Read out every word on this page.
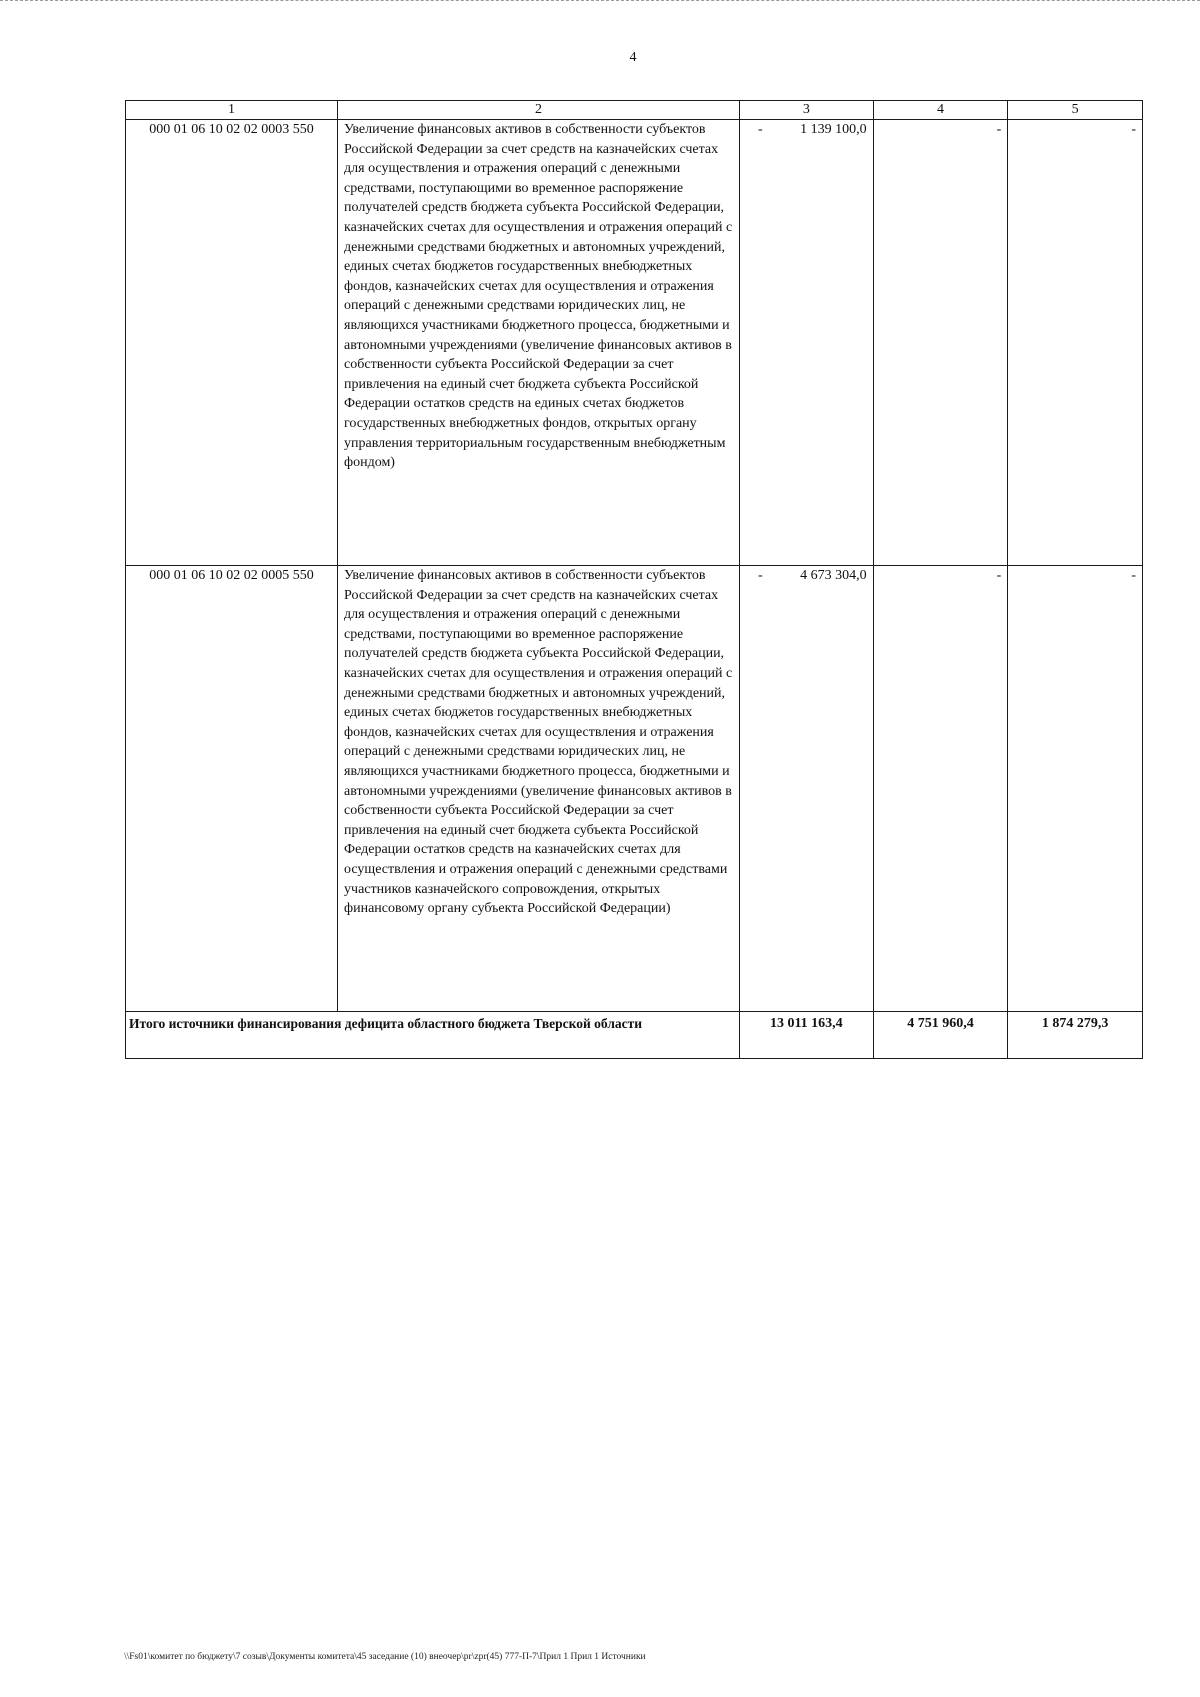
4
1	2	3	4	5
000 01 06 10 02 02 0003 550	Увеличение финансовых активов в собственности субъектов Российской Федерации за счет средств на казначейских счетах для осуществления и отражения операций с денежными средствами, поступающими во временное распоряжение получателей средств бюджета субъекта Российской Федерации, казначейских счетах для осуществления и отражения операций с денежными средствами бюджетных и автономных учреждений, единых счетах бюджетов государственных внебюджетных фондов, казначейских счетах для осуществления и отражения операций с денежными средствами юридических лиц, не являющихся участниками бюджетного процесса, бюджетными и автономными учреждениями (увеличение финансовых активов в собственности субъекта Российской Федерации за счет привлечения на единый счет бюджета субъекта Российской Федерации остатков средств на единых счетах бюджетов государственных внебюджетных фондов, открытых органу управления территориальным государственным внебюджетным фондом)	- 1 139 100,0	-	-
000 01 06 10 02 02 0005 550	Увеличение финансовых активов в собственности субъектов Российской Федерации за счет средств на казначейских счетах для осуществления и отражения операций с денежными средствами, поступающими во временное распоряжение получателей средств бюджета субъекта Российской Федерации, казначейских счетах для осуществления и отражения операций с денежными средствами бюджетных и автономных учреждений, единых счетах бюджетов государственных внебюджетных фондов, казначейских счетах для осуществления и отражения операций с денежными средствами юридических лиц, не являющихся участниками бюджетного процесса, бюджетными и автономными учреждениями (увеличение финансовых активов в собственности субъекта Российской Федерации за счет привлечения на единый счет бюджета субъекта Российской Федерации остатков средств на казначейских счетах для осуществления и отражения операций с денежными средствами участников казначейского сопровождения, открытых финансовому органу субъекта Российской Федерации)	- 4 673 304,0	-	-
Итого источники финансирования дефицита областного бюджета Тверской области		13 011 163,4	4 751 960,4	1 874 279,3
\\Fs01\комитет по бюджету\7 созыв\Документы комитета\45 заседание (10) внеочер\pr\zpr(45) 777-П-7\Прил 1 Прил 1 Источники
